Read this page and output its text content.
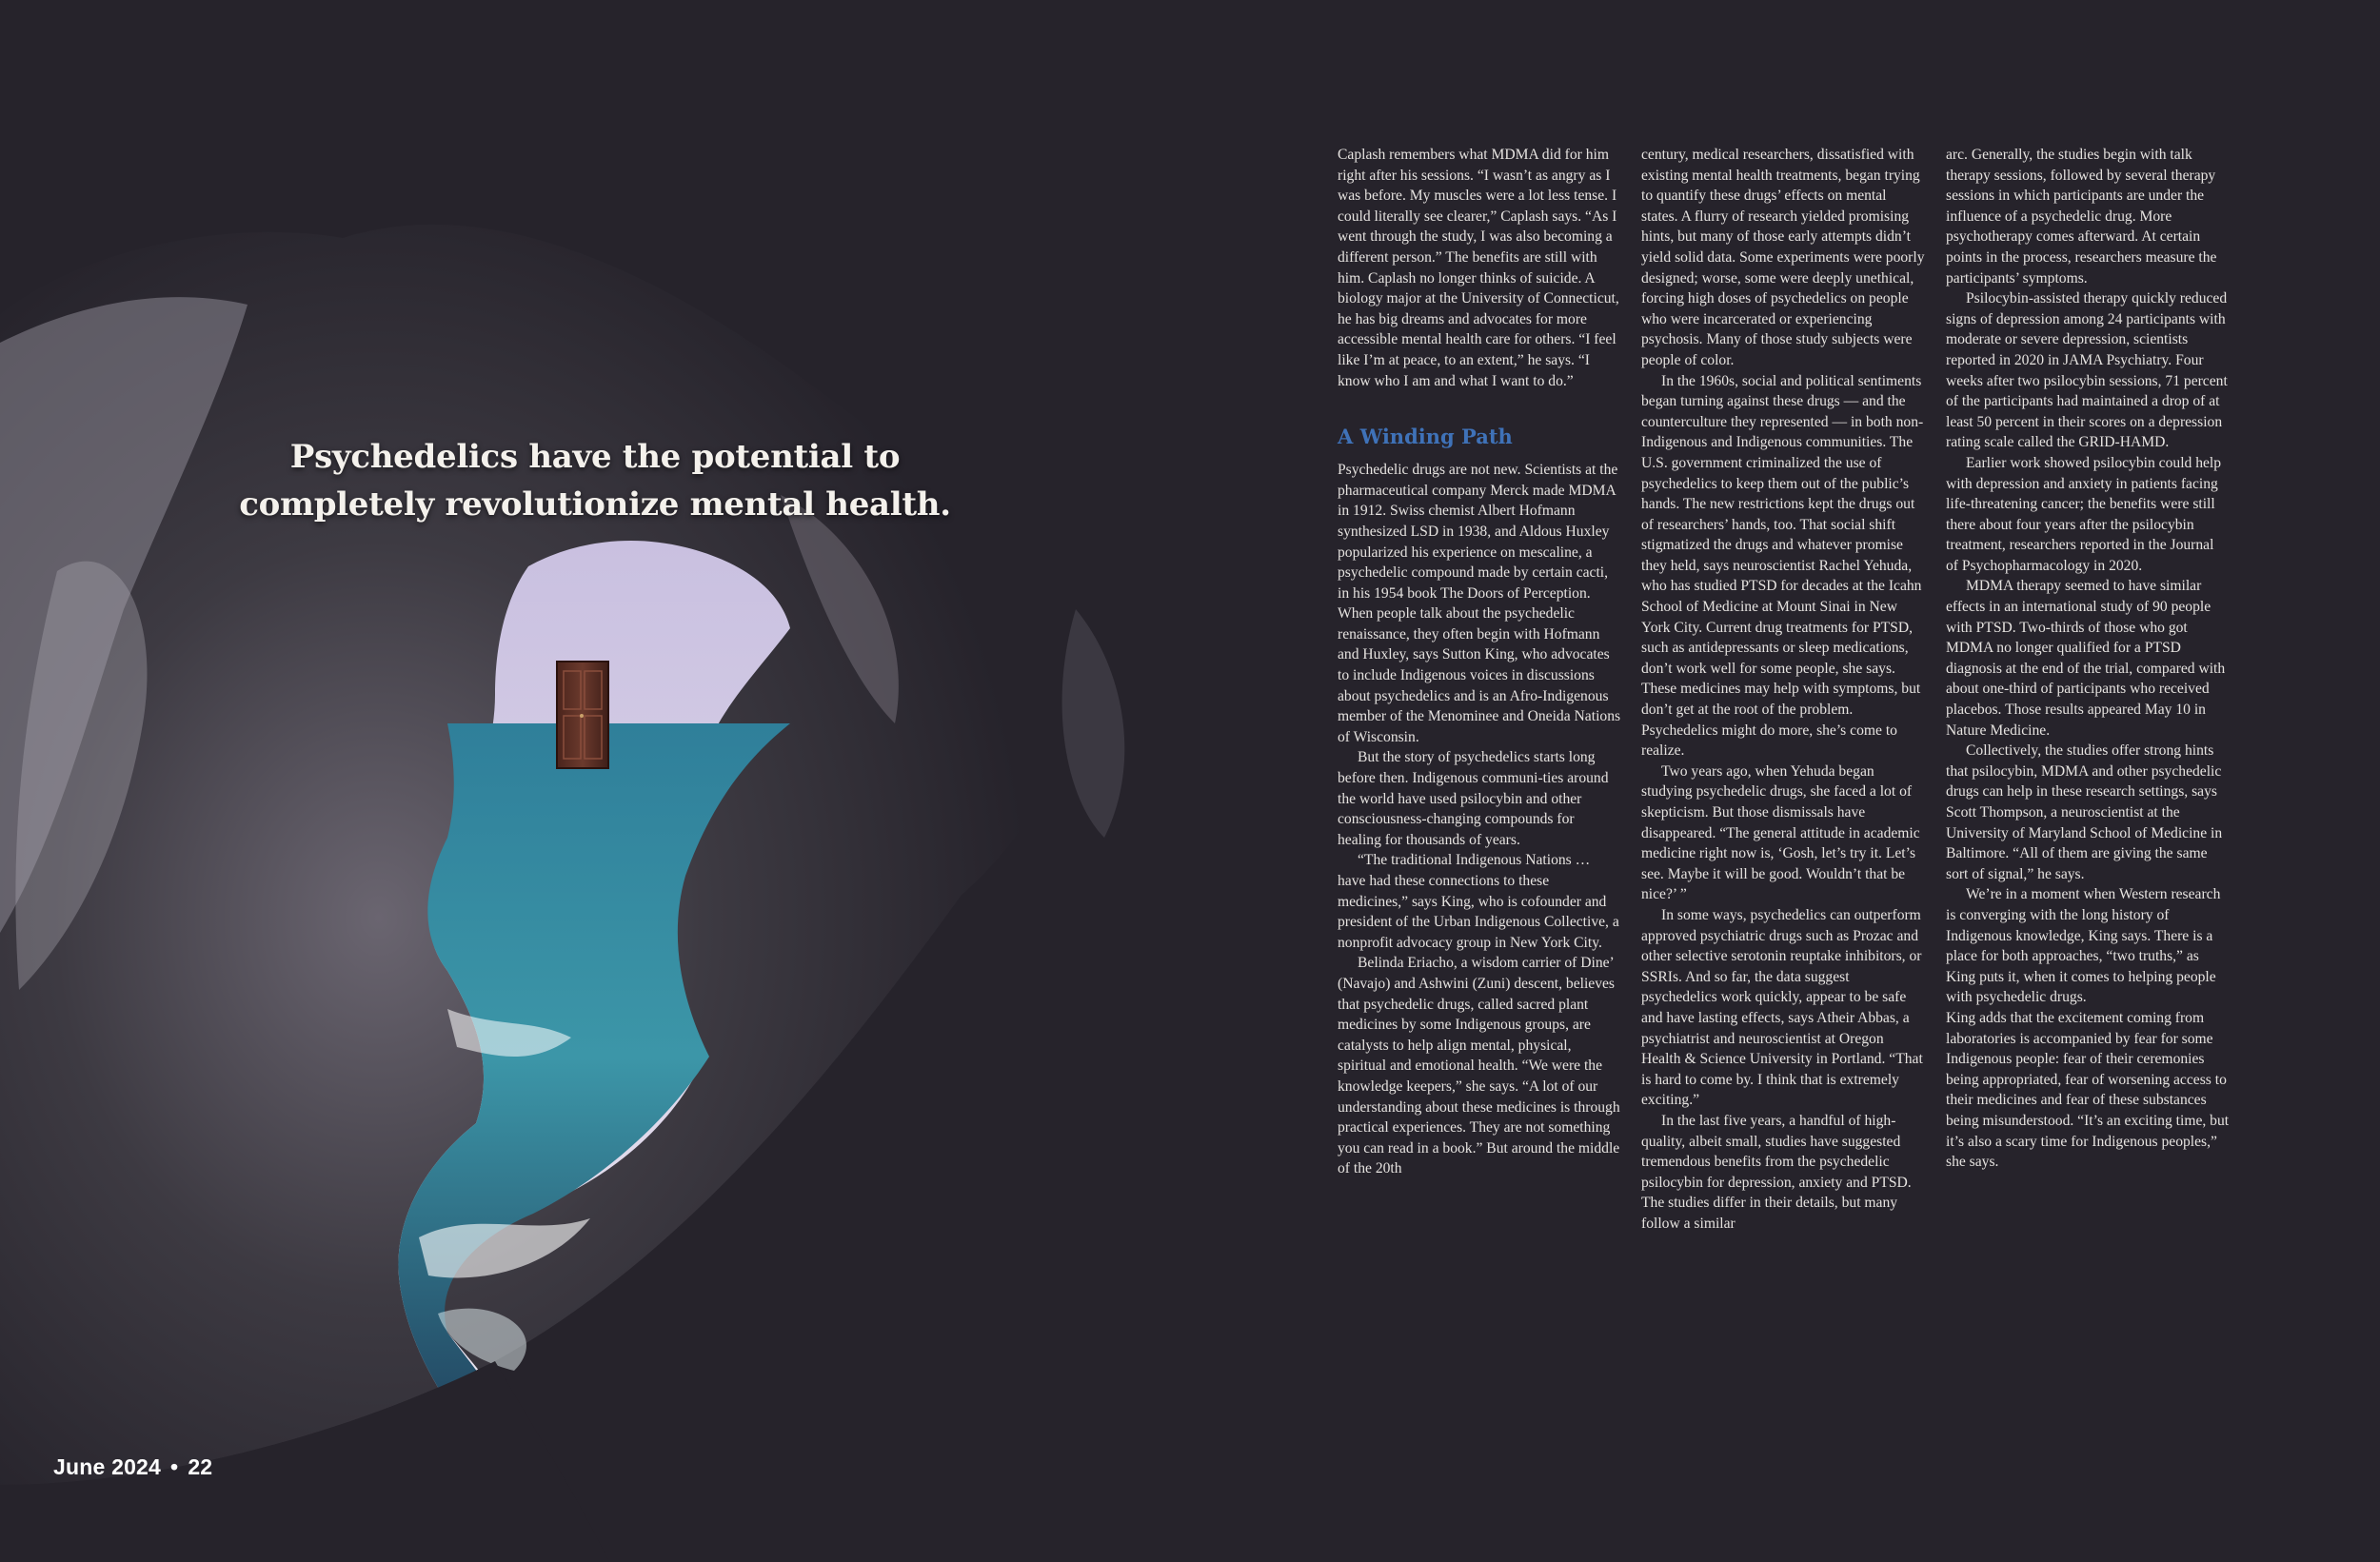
Psychedelics have the potential to completely revolutionize mental health.
June 2024 • 22

Caplash remembers what MDMA did for him right after his sessions. “I wasn’t as angry as I was before. My muscles were a lot less tense. I could literally see clearer,” Caplash says. “As I went through the study, I was also becoming a different person.” The benefits are still with him. Caplash no longer thinks of suicide. A biology major at the University of Connecticut, he has big dreams and advocates for more accessible mental health care for others. “I feel like I’m at peace, to an extent,” he says. “I know who I am and what I want to do.”

A Winding Path

Psychedelic drugs are not new. Scientists at the pharmaceutical company Merck made MDMA in 1912. Swiss chemist Albert Hofmann synthesized LSD in 1938, and Aldous Huxley popularized his experience on mescaline, a psychedelic compound made by certain cacti, in his 1954 book The Doors of Perception. When people talk about the psychedelic renaissance, they often begin with Hofmann and Huxley, says Sutton King, who advocates to include Indigenous voices in discussions about psychedelics and is an Afro-Indigenous member of the Menominee and Oneida Nations of Wisconsin.

But the story of psychedelics starts long before then. Indigenous communi-ties around the world have used psilocybin and other consciousness-changing compounds for healing for thousands of years.

“The traditional Indigenous Nations … have had these connections to these medicines,” says King, who is cofounder and president of the Urban Indigenous Collective, a nonprofit advocacy group in New York City.

Belinda Eriacho, a wisdom carrier of Dine’ (Navajo) and Ashwini (Zuni) descent, believes that psychedelic drugs, called sacred plant medicines by some Indigenous groups, are catalysts to help align mental, physical, spiritual and emotional health. “We were the knowledge keepers,” she says. “A lot of our understanding about these medicines is through practical experiences. They are not something you can read in a book.” But around the middle of the 20th

century, medical researchers, dissatisfied with existing mental health treatments, began trying to quantify these drugs’ effects on mental states. A flurry of research yielded promising hints, but many of those early attempts didn’t yield solid data. Some experiments were poorly designed; worse, some were deeply unethical, forcing high doses of psychedelics on people who were incarcerated or experiencing psychosis. Many of those study subjects were people of color.

In the 1960s, social and political sentiments began turning against these drugs — and the counterculture they represented — in both non-Indigenous and Indigenous communities. The U.S. government criminalized the use of psychedelics to keep them out of the public’s hands. The new restrictions kept the drugs out of researchers’ hands, too. That social shift stigmatized the drugs and whatever promise they held, says neuroscientist Rachel Yehuda, who has studied PTSD for decades at the Icahn School of Medicine at Mount Sinai in New York City. Current drug treatments for PTSD, such as antidepressants or sleep medications, don’t work well for some people, she says. These medicines may help with symptoms, but don’t get at the root of the problem. Psychedelics might do more, she’s come to realize.

Two years ago, when Yehuda began studying psychedelic drugs, she faced a lot of skepticism. But those dismissals have disappeared. “The general attitude in academic medicine right now is, ‘Gosh, let’s try it. Let’s see. Maybe it will be good. Wouldn’t that be nice?’ ”

In some ways, psychedelics can outperform approved psychiatric drugs such as Prozac and other selective serotonin reuptake inhibitors, or SSRIs. And so far, the data suggest psychedelics work quickly, appear to be safe and have lasting effects, says Atheir Abbas, a psychiatrist and neuroscientist at Oregon Health & Science University in Portland. “That is hard to come by. I think that is extremely exciting.”

In the last five years, a handful of high-quality, albeit small, studies have suggested tremendous benefits from the psychedelic psilocybin for depression, anxiety and PTSD. The studies differ in their details, but many follow a similar

arc. Generally, the studies begin with talk therapy sessions, followed by several therapy sessions in which participants are under the influence of a psychedelic drug. More psychotherapy comes afterward. At certain points in the process, researchers measure the participants’ symptoms.

Psilocybin-assisted therapy quickly reduced signs of depression among 24 participants with moderate or severe depression, scientists reported in 2020 in JAMA Psychiatry. Four weeks after two psilocybin sessions, 71 percent of the participants had maintained a drop of at least 50 percent in their scores on a depression rating scale called the GRID-HAMD.

Earlier work showed psilocybin could help with depression and anxiety in patients facing life-threatening cancer; the benefits were still there about four years after the psilocybin treatment, researchers reported in the Journal of Psychopharmacology in 2020.

MDMA therapy seemed to have similar effects in an international study of 90 people with PTSD. Two-thirds of those who got MDMA no longer qualified for a PTSD diagnosis at the end of the trial, compared with about one-third of participants who received placebos. Those results appeared May 10 in Nature Medicine.

Collectively, the studies offer strong hints that psilocybin, MDMA and other psychedelic drugs can help in these research settings, says Scott Thompson, a neuroscientist at the University of Maryland School of Medicine in Baltimore. “All of them are giving the same sort of signal,” he says.

We’re in a moment when Western research is converging with the long history of Indigenous knowledge, King says. There is a place for both approaches, “two truths,” as King puts it, when it comes to helping people with psychedelic drugs.

King adds that the excitement coming from laboratories is accompanied by fear for some Indigenous people: fear of their ceremonies being appropriated, fear of worsening access to their medicines and fear of these substances being misunderstood. “It’s an exciting time, but it’s also a scary time for Indigenous peoples,” she says.
